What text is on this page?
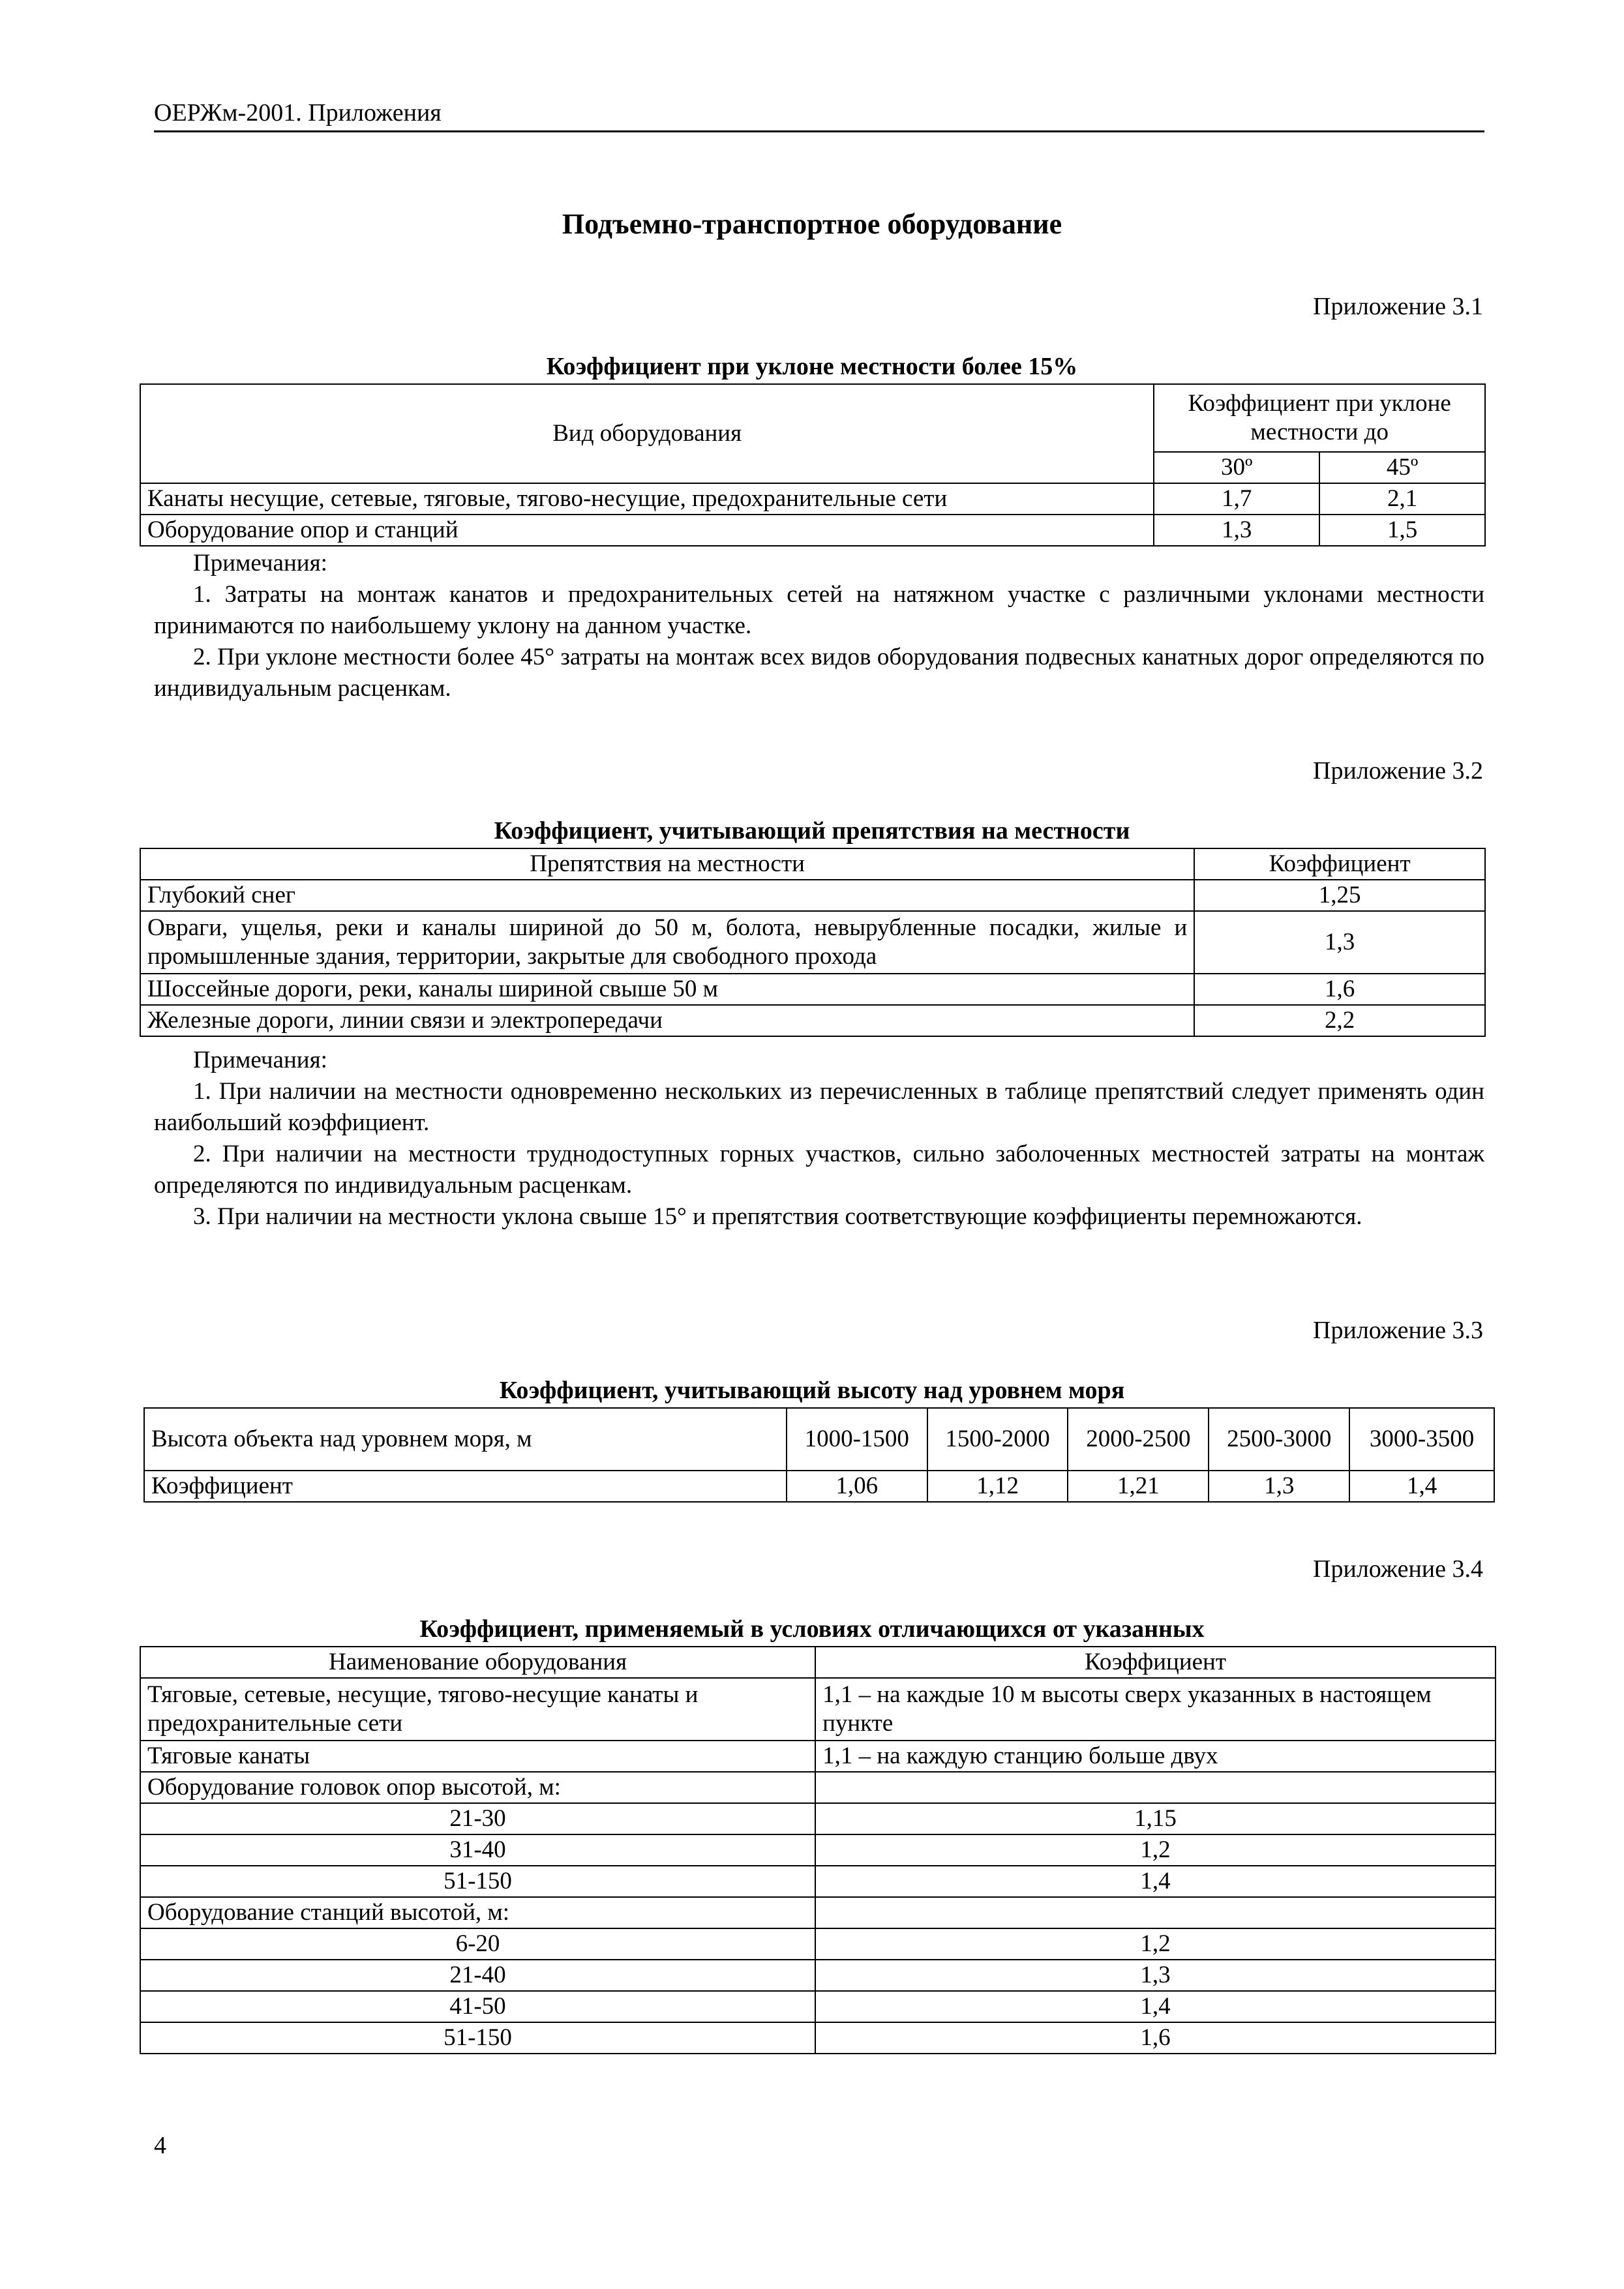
ОЕРЖм-2001. Приложения
Подъемно-транспортное оборудование
Приложение 3.1
Коэффициент при уклоне местности более 15%
Вид оборудования	Коэффициент при уклоне местности до	
	30º	45º
Канаты несущие, сетевые, тяговые, тягово-несущие, предохранительные сети	1,7	2,1
Оборудование опор и станций	1,3	1,5
Примечания:

1. Затраты на монтаж канатов и предохранительных сетей на натяжном участке с различными уклонами местности принимаются по наибольшему уклону на данном участке.

2. При уклоне местности более 45° затраты на монтаж всех видов оборудования подвесных канатных дорог определяются по индивидуальным расценкам.

Приложение 3.2
Коэффициент, учитывающий препятствия на местности
Препятствия на местности	Коэффициент
Глубокий снег	1,25
Овраги, ущелья, реки и каналы шириной до 50 м, болота, невырубленные посадки, жилые и промышленные здания, территории, закрытые для свободного прохода	1,3
Шоссейные дороги, реки, каналы шириной свыше 50 м	1,6
Железные дороги, линии связи и электропередачи	2,2
Примечания:

1. При наличии на местности одновременно нескольких из перечисленных в таблице препятствий следует применять один наибольший коэффициент.

2. При наличии на местности труднодоступных горных участков, сильно заболоченных местностей затраты на монтаж определяются по индивидуальным расценкам.

3. При наличии на местности уклона свыше 15° и препятствия соответствующие коэффициенты перемножаются.

Приложение 3.3
Коэффициент, учитывающий высоту над уровнем моря
Высота объекта над уровнем моря, м	1000-1500	1500-2000	2000-2500	2500-3000	3000-3500
Коэффициент	1,06	1,12	1,21	1,3	1,4
Приложение 3.4
Коэффициент, применяемый в условиях отличающихся от указанных
Наименование оборудования	Коэффициент
Тяговые, сетевые, несущие, тягово-несущие канаты и предохранительные сети	1,1 – на каждые 10 м высоты сверх указанных в настоящем пункте
Тяговые канаты	1,1 – на каждую станцию больше двух
Оборудование головок опор высотой, м:	
21-30	1,15
31-40	1,2
51-150	1,4
Оборудование станций высотой, м:	
6-20	1,2
21-40	1,3
41-50	1,4
51-150	1,6
4
